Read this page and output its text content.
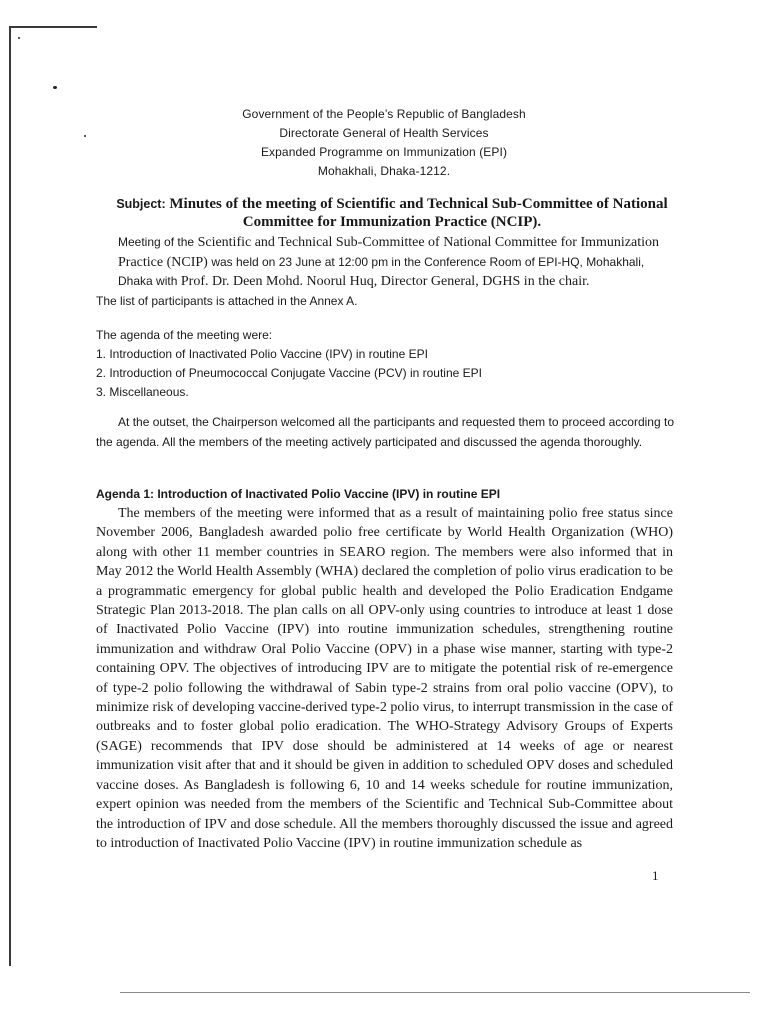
Government of the People’s Republic of Bangladesh
Directorate General of Health Services
Expanded Programme on Immunization (EPI)
Mohakhali, Dhaka-1212.
Subject: Minutes of the meeting of Scientific and Technical Sub-Committee of National Committee for Immunization Practice (NCIP).
Meeting of the Scientific and Technical Sub-Committee of National Committee for Immunization Practice (NCIP) was held on 23 June at 12:00 pm in the Conference Room of EPI-HQ, Mohakhali, Dhaka with Prof. Dr. Deen Mohd. Noorul Huq, Director General, DGHS in the chair.
The list of participants is attached in the Annex A.
The agenda of the meeting were:
1. Introduction of Inactivated Polio Vaccine (IPV) in routine EPI
2. Introduction of Pneumococcal Conjugate Vaccine (PCV) in routine EPI
3. Miscellaneous.
At the outset, the Chairperson welcomed all the participants and requested them to proceed according to the agenda. All the members of the meeting actively participated and discussed the agenda thoroughly.
Agenda 1: Introduction of Inactivated Polio Vaccine (IPV) in routine EPI
The members of the meeting were informed that as a result of maintaining polio free status since November 2006, Bangladesh awarded polio free certificate by World Health Organization (WHO) along with other 11 member countries in SEARO region. The members were also informed that in May 2012 the World Health Assembly (WHA) declared the completion of polio virus eradication to be a programmatic emergency for global public health and developed the Polio Eradication Endgame Strategic Plan 2013-2018. The plan calls on all OPV-only using countries to introduce at least 1 dose of Inactivated Polio Vaccine (IPV) into routine immunization schedules, strengthening routine immunization and withdraw Oral Polio Vaccine (OPV) in a phase wise manner, starting with type-2 containing OPV. The objectives of introducing IPV are to mitigate the potential risk of re-emergence of type-2 polio following the withdrawal of Sabin type-2 strains from oral polio vaccine (OPV), to minimize risk of developing vaccine-derived type-2 polio virus, to interrupt transmission in the case of outbreaks and to foster global polio eradication. The WHO-Strategy Advisory Groups of Experts (SAGE) recommends that IPV dose should be administered at 14 weeks of age or nearest immunization visit after that and it should be given in addition to scheduled OPV doses and scheduled vaccine doses. As Bangladesh is following 6, 10 and 14 weeks schedule for routine immunization, expert opinion was needed from the members of the Scientific and Technical Sub-Committee about the introduction of IPV and dose schedule. All the members thoroughly discussed the issue and agreed to introduction of Inactivated Polio Vaccine (IPV) in routine immunization schedule as
1
